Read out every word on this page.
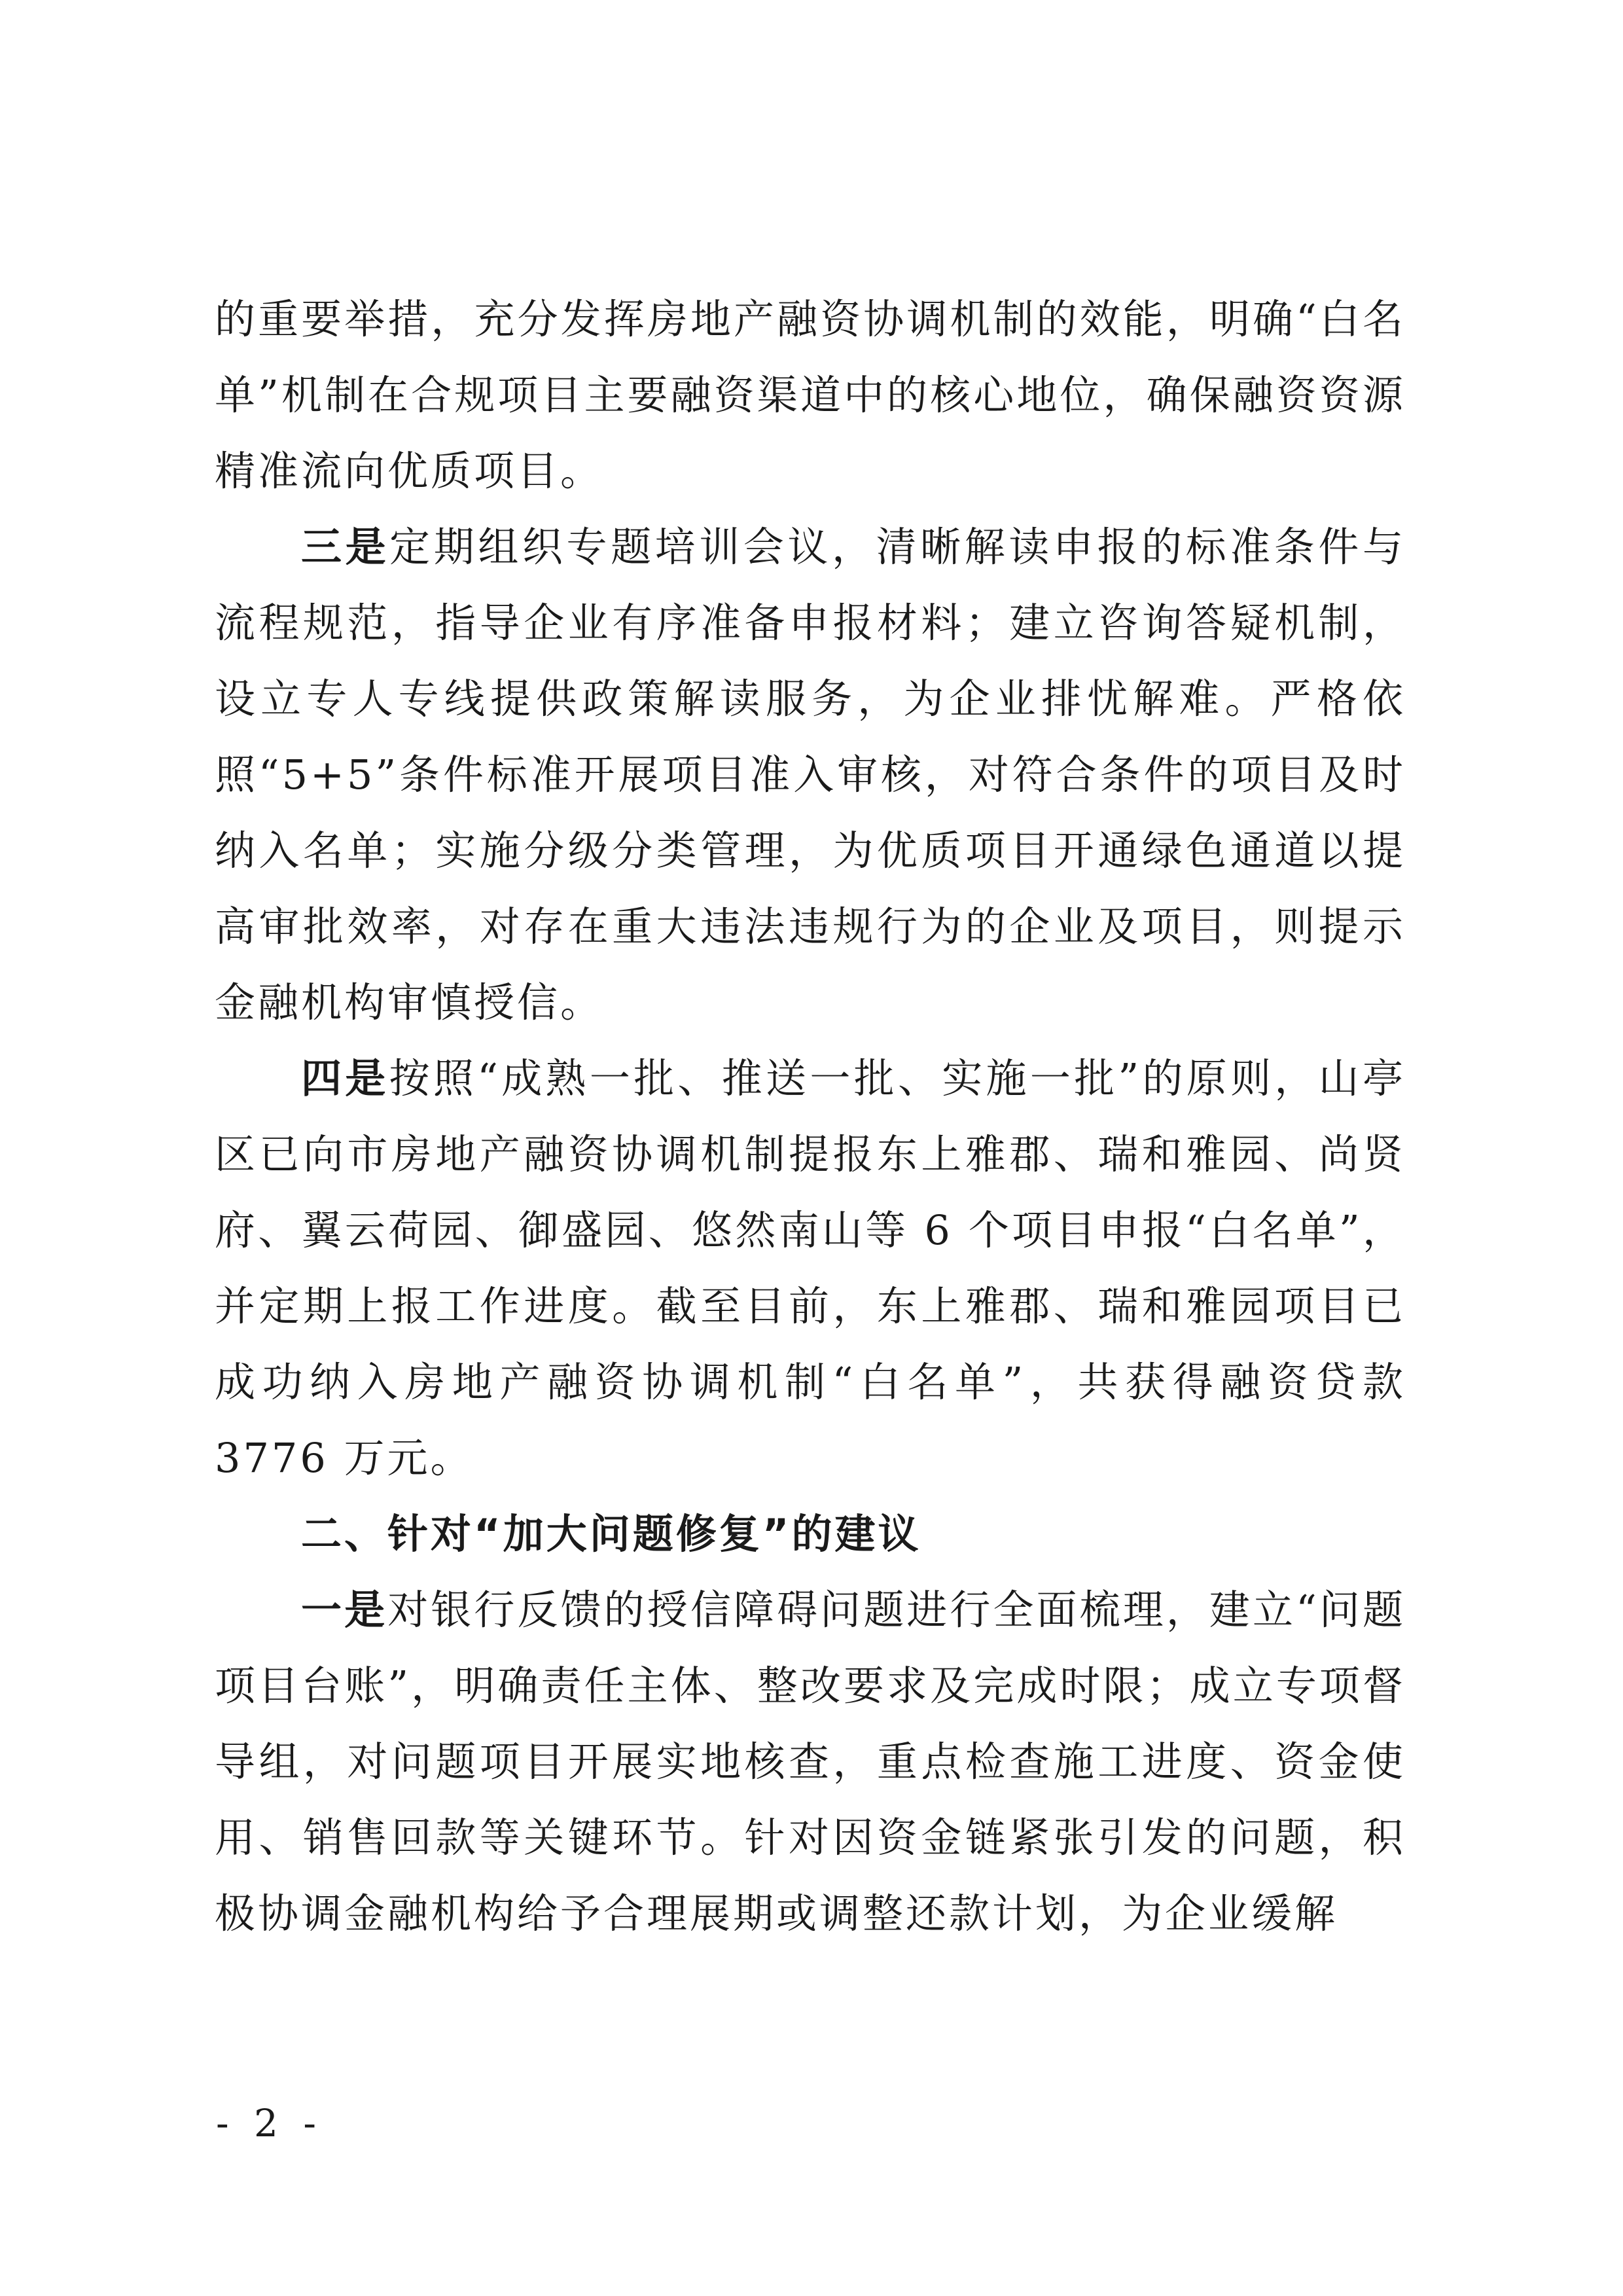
的重要举措，充分发挥房地产融资协调机制的效能，明确“白名单”机制在合规项目主要融资渠道中的核心地位，确保融资资源精准流向优质项目。

三是定期组织专题培训会议，清晰解读申报的标准条件与流程规范，指导企业有序准备申报材料；建立咨询答疑机制，设立专人专线提供政策解读服务，为企业排忧解难。严格依照“5+5”条件标准开展项目准入审核，对符合条件的项目及时纳入名单；实施分级分类管理，为优质项目开通绿色通道以提高审批效率，对存在重大违法违规行为的企业及项目，则提示金融机构审慎授信。

四是按照“成熟一批、推送一批、实施一批”的原则，山亭区已向市房地产融资协调机制提报东上雅郡、瑞和雅园、尚贤府、翼云荷园、御盛园、悠然南山等 6 个项目申报“白名单”，并定期上报工作进度。截至目前，东上雅郡、瑞和雅园项目已成功纳入房地产融资协调机制“白名单”，共获得融资贷款 3776 万元。

二、针对“加大问题修复”的建议

一是对银行反馈的授信障碍问题进行全面梳理，建立“问题项目台账”，明确责任主体、整改要求及完成时限；成立专项督导组，对问题项目开展实地核查，重点检查施工进度、资金使用、销售回款等关键环节。针对因资金链紧张引发的问题，积极协调金融机构给予合理展期或调整还款计划，为企业缓解

- 2 -
